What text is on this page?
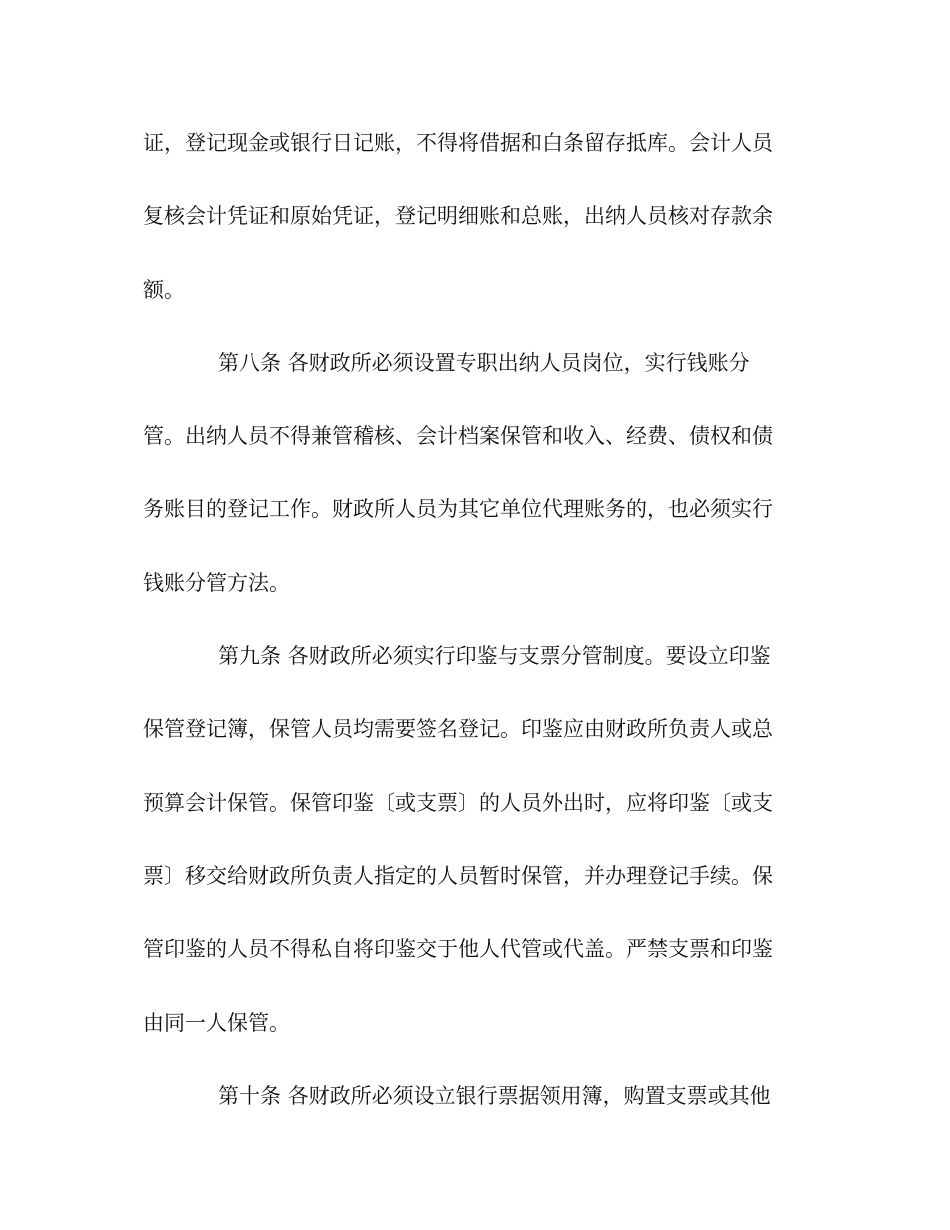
证，登记现金或银行日记账，不得将借据和白条留存抵库。会计人员
复核会计凭证和原始凭证，登记明细账和总账，出纳人员核对存款余
额。
第八条 各财政所必须设置专职出纳人员岗位，实行钱账分
管。出纳人员不得兼管稽核、会计档案保管和收入、经费、债权和债
务账目的登记工作。财政所人员为其它单位代理账务的，也必须实行
钱账分管方法。
第九条 各财政所必须实行印鉴与支票分管制度。要设立印鉴
保管登记簿，保管人员均需要签名登记。印鉴应由财政所负责人或总
预算会计保管。保管印鉴〔或支票〕的人员外出时，应将印鉴〔或支
票〕移交给财政所负责人指定的人员暂时保管，并办理登记手续。保
管印鉴的人员不得私自将印鉴交于他人代管或代盖。严禁支票和印鉴
由同一人保管。
第十条 各财政所必须设立银行票据领用簿，购置支票或其他
